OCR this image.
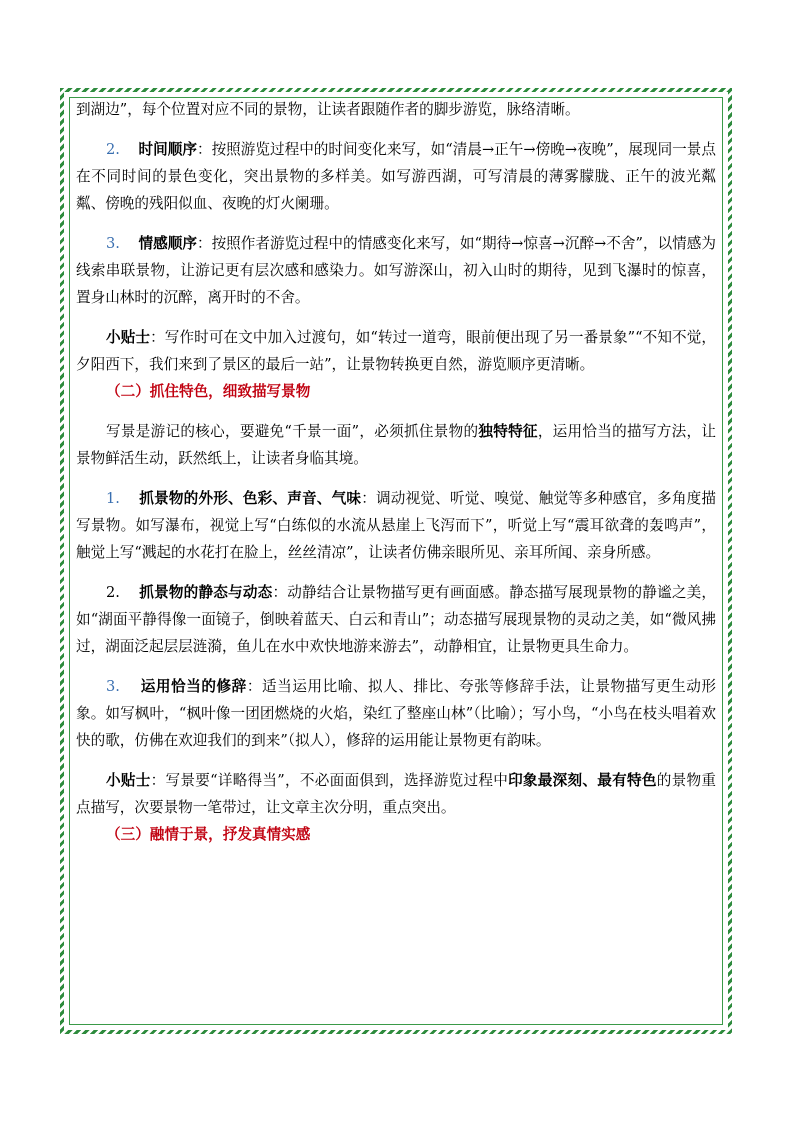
到湖边”，每个位置对应不同的景物，让读者跟随作者的脚步游览，脉络清晰。

2. 时间顺序：按照游览过程中的时间变化来写，如“清晨→正午→傍晚→夜晚”，展现同一景点在不同时间的景色变化，突出景物的多样美。如写游西湖，可写清晨的薄雾朦胧、正午的波光粼粼、傍晚的残阳似血、夜晚的灯火阑珊。

3. 情感顺序：按照作者游览过程中的情感变化来写，如“期待→惊喜→沉醉→不舍”，以情感为线索串联景物，让游记更有层次感和感染力。如写游深山，初入山时的期待，见到飞瀑时的惊喜，置身山林时的沉醉，离开时的不舍。

小贴士：写作时可在文中加入过渡句，如“转过一道弯，眼前便出现了另一番景象”“不知不觉，夕阳西下，我们来到了景区的最后一站”，让景物转换更自然，游览顺序更清晰。

（二）抓住特色，细致描写景物

写景是游记的核心，要避免“千景一面”，必须抓住景物的独特特征，运用恰当的描写方法，让景物鲜活生动，跃然纸上，让读者身临其境。

1. 抓景物的外形、色彩、声音、气味：调动视觉、听觉、嗅觉、触觉等多种感官，多角度描写景物。如写瀑布，视觉上写“白练似的水流从悬崖上飞泻而下”，听觉上写“震耳欲聋的轰鸣声”，触觉上写“溅起的水花打在脸上，丝丝清凉”，让读者仿佛亲眼所见、亲耳所闻、亲身所感。

2. 抓景物的静态与动态：动静结合让景物描写更有画面感。静态描写展现景物的静谧之美，如“湖面平静得像一面镜子，倒映着蓝天、白云和青山”；动态描写展现景物的灵动之美，如“微风拂过，湖面泛起层层涟漪，鱼儿在水中欢快地游来游去”，动静相宜，让景物更具生命力。

3. 运用恰当的修辞：适当运用比喻、拟人、排比、夸张等修辞手法，让景物描写更生动形象。如写枫叶，“枫叶像一团团燃烧的火焰，染红了整座山林”（比喻）；写小鸟，“小鸟在枝头唱着欢快的歌，仿佛在欢迎我们的到来”（拟人），修辞的运用能让景物更有韵味。

小贴士：写景要“详略得当”，不必面面俱到，选择游览过程中印象最深刻、最有特色的景物重点描写，次要景物一笔带过，让文章主次分明，重点突出。

（三）融情于景，抒发真情实感
